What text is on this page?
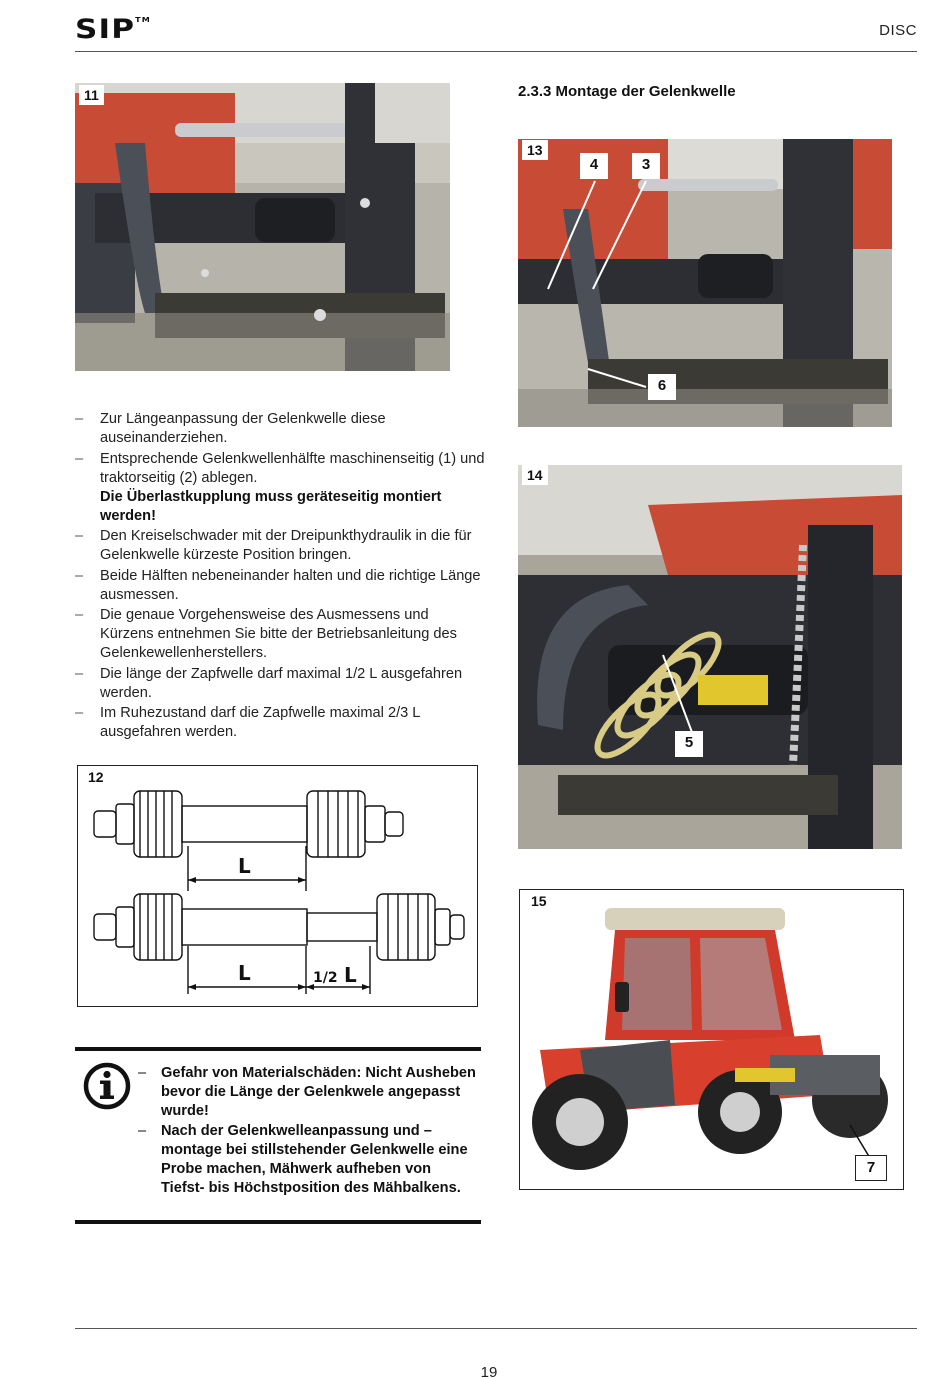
SIP™
DISC
11	2.3.3 Montage der Gelenkwelle
13
4	3
6
14
5
– Zur Längeanpassung der Gelenkwelle diese auseinanderziehen.
– Entsprechende Gelenkwellenhälfte maschinenseitig (1) und traktorseitig (2) ablegen.
Die Überlastkupplung muss geräteseitig montiert werden!
– Den Kreiselschwader mit der Dreipunkthydraulik in die für Gelenkwelle kürzeste Position bringen.
– Beide Hälften nebeneinander halten und die richtige Länge ausmessen.
– Die genaue Vorgehensweise des Ausmessens und Kürzens entnehmen Sie bitte der Betriebsanleitung des Gelenkewellenherstellers.
– Die länge der Zapfwelle darf maximal 1/2 L ausgefahren werden.
– Im Ruhezustand darf die Zapfwelle maximal 2/3 L ausgefahren werden.
12
L
L	1/2 L
15
7
– Gefahr von Materialschäden: Nicht Ausheben bevor die Länge der Gelenkwele angepasst wurde!
– Nach der Gelenkwelleanpassung und –montage bei stillstehender Gelenkwelle eine Probe machen, Mähwerk aufheben von Tiefst- bis Höchstposition des Mähbalkens.
19
